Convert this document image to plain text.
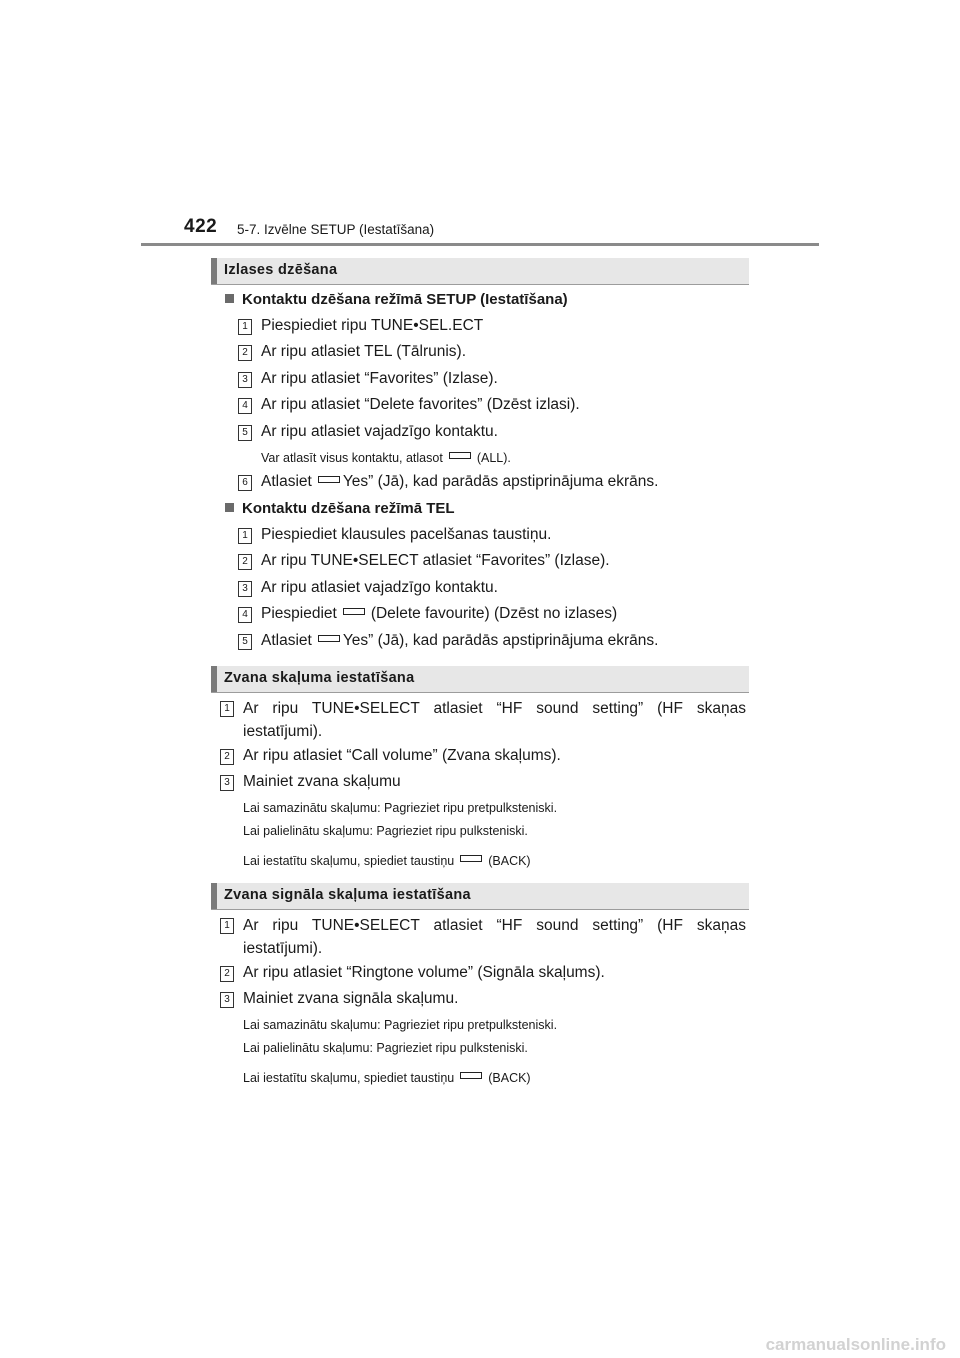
422 5-7. Izvēlne SETUP (Iestatīšana)
Izlases dzēšana
Kontaktu dzēšana režīmā SETUP (Iestatīšana)
1 Piespiediet ripu TUNE•SEL.ECT
2 Ar ripu atlasiet TEL (Tālrunis).
3 Ar ripu atlasiet “Favorites” (Izlase).
4 Ar ripu atlasiet “Delete favorites” (Dzēst izlasi).
5 Ar ripu atlasiet vajadzīgo kontaktu.
Var atlasīt visus kontaktu, atlasot	(ALL).
6 Atlasiet Yes” (Jā), kad parādās apstiprinājuma ekrāns.
Kontaktu dzēšana režīmā TEL
1 Piespiediet klausules pacelšanas taustiņu.
2 Ar ripu TUNE•SELECT atlasiet “Favorites” (Izlase).
3 Ar ripu atlasiet vajadzīgo kontaktu.
4 Piespiediet (Delete favourite) (Dzēst no izlases)
5 Atlasiet Yes” (Jā), kad parādās apstiprinājuma ekrāns.
Zvana skaļuma iestatīšana
1 Ar ripu TUNE•SELECT atlasiet “HF sound setting” (HF skaņas iestatījumi).
2 Ar ripu atlasiet “Call volume” (Zvana skaļums).
3 Mainiet zvana skaļumu
Lai samazinātu skaļumu: Pagrieziet ripu pretpulksteniski.
Lai palielinātu skaļumu: Pagrieziet ripu pulksteniski.
Lai iestatītu skaļumu, spiediet taustiņu	(BACK)
Zvana signāla skaļuma iestatīšana
1 Ar ripu TUNE•SELECT atlasiet “HF sound setting” (HF skaņas iestatījumi).
2 Ar ripu atlasiet “Ringtone volume” (Signāla skaļums).
3 Mainiet zvana signāla skaļumu.
Lai samazinātu skaļumu: Pagrieziet ripu pretpulksteniski.
Lai palielinātu skaļumu: Pagrieziet ripu pulksteniski.
Lai iestatītu skaļumu, spiediet taustiņu	(BACK)
carmanualsonline.info
